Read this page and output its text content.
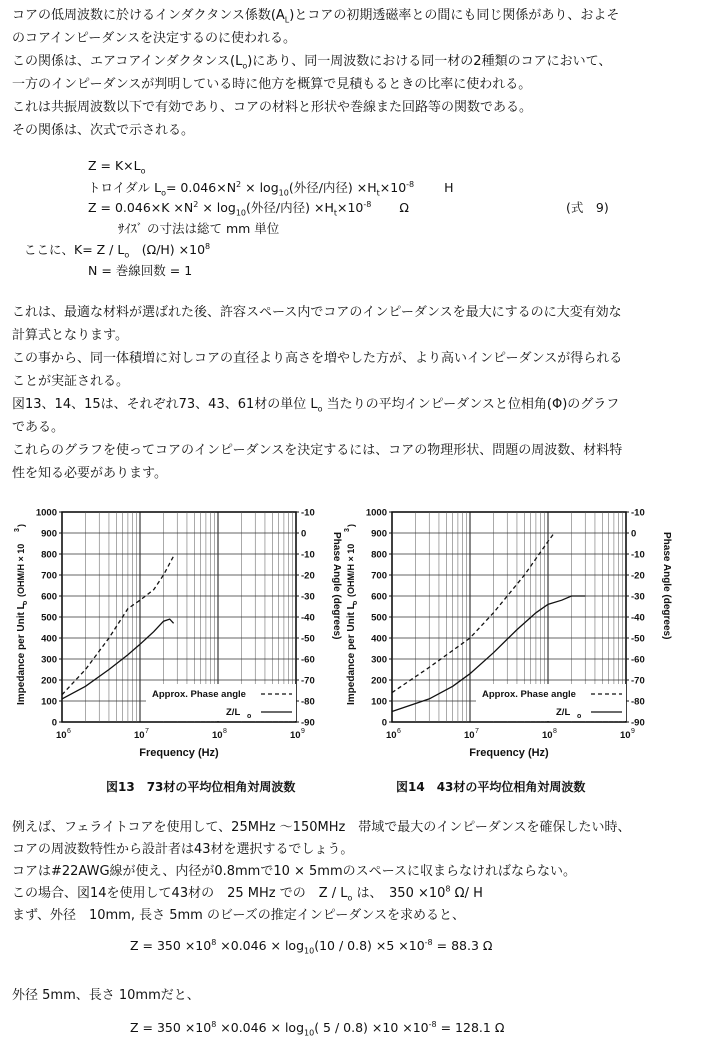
コアの低周波数に於けるインダクタンス係数$(A_L)$とコアの初期透磁率との間にも同じ関係があり、およそ
のコアインピーダンスを決定するのに使われる。
この関係は、エアコアインダクタンス$(L_o)$にあり、同一周波数における同一材の2種類のコアにおいて、
一方のインピーダンスが判明している時に他方を概算で見積もるときの比率に使われる。
これは共振周波数以下で有効であり、コアの材料と形状や巻線また回路等の関数である。
その関係は、次式で示される。
$Z = K\times L_o$
トロイダル $L_o= 0.046\times N^2 \times \log_{10}$(外径/内径) $\times H_t\times 10^{-8}$ H
$Z = 0.046\times K \times N^2 \times \log_{10}$(外径/内径) $\times H_t\times 10^{-8}$ Ω	(式　9)
ｻｲｽﾞ の寸法は総て mm 単位
ここに、$K= Z / L_o$　 $(\Omega/H) \times 10^8$
N = 巻線回数 = 1
これは、最適な材料が選ばれた後、許容スペース内でコアのインピーダンスを最大にするのに大変有効な
計算式となります。
この事から、同一体積増に対しコアの直径より高さを増やした方が、より高いインピーダンスが得られる
ことが実証される。
図13、14、15は、それぞれ73、43、61材の単位 $L_o$ 当たりの平均インピーダンスと位相角(Φ)のグラフ
である。
これらのグラフを使ってコアのインピーダンスを決定するには、コアの物理形状、問題の周波数、材料特
性を知る必要があります。
0
100
200
300
400
500
600
700
800
900
1000
-90
-80
-70
-60
-50
-40
-30
-20
-10
0
-10
10 6	10 7	10 8	10 9
Frequency (Hz)
Impedance per Unit L
o
(OHM/H × 10
3
)
Phase Angle (degrees)
Approx. Phase angle
Z/L o
0
100
200
300
400
500
600
700
800
900
1000
-90
-80
-70
-60
-50
-40
-30
-20
-10
0
-10
10 6	10 7	10 8	10 9
Frequency (Hz)
Impedance per Unit L
o
(OHM/H × 10
3
)
Phase Angle (degrees)
Approx. Phase angle
Z/L o
図13　73材の平均位相角対周波数	図14　43材の平均位相角対周波数
例えば、フェライトコアを使用して、25MHz ～150MHz　帯域で最大のインピーダンスを確保したい時、
コアの周波数特性から設計者は43材を選択するでしょう。
コアは#22AWG線が使え、内径が0.8mmで10 × 5mmのスペースに収まらなければならない。
この場合、図14を使用して43材の　25 MHz での　Z / $L_o$ は、　$350 \times 10^8$ Ω/ H
まず、外径　10mm, 長さ 5mm のビーズの推定インピーダンスを求めると、
$Z = 350 \times 10^8 \times 0.046 \times \log_{10}(10 / 0.8) \times 5 \times 10^{-8} = 88.3$ Ω
外径 5mm、長さ 10mmだと、
$Z = 350 \times 10^8 \times 0.046 \times \log_{10}$( $5 / 0.8) \times 10 \times 10^{-8} = 128.1$ Ω
